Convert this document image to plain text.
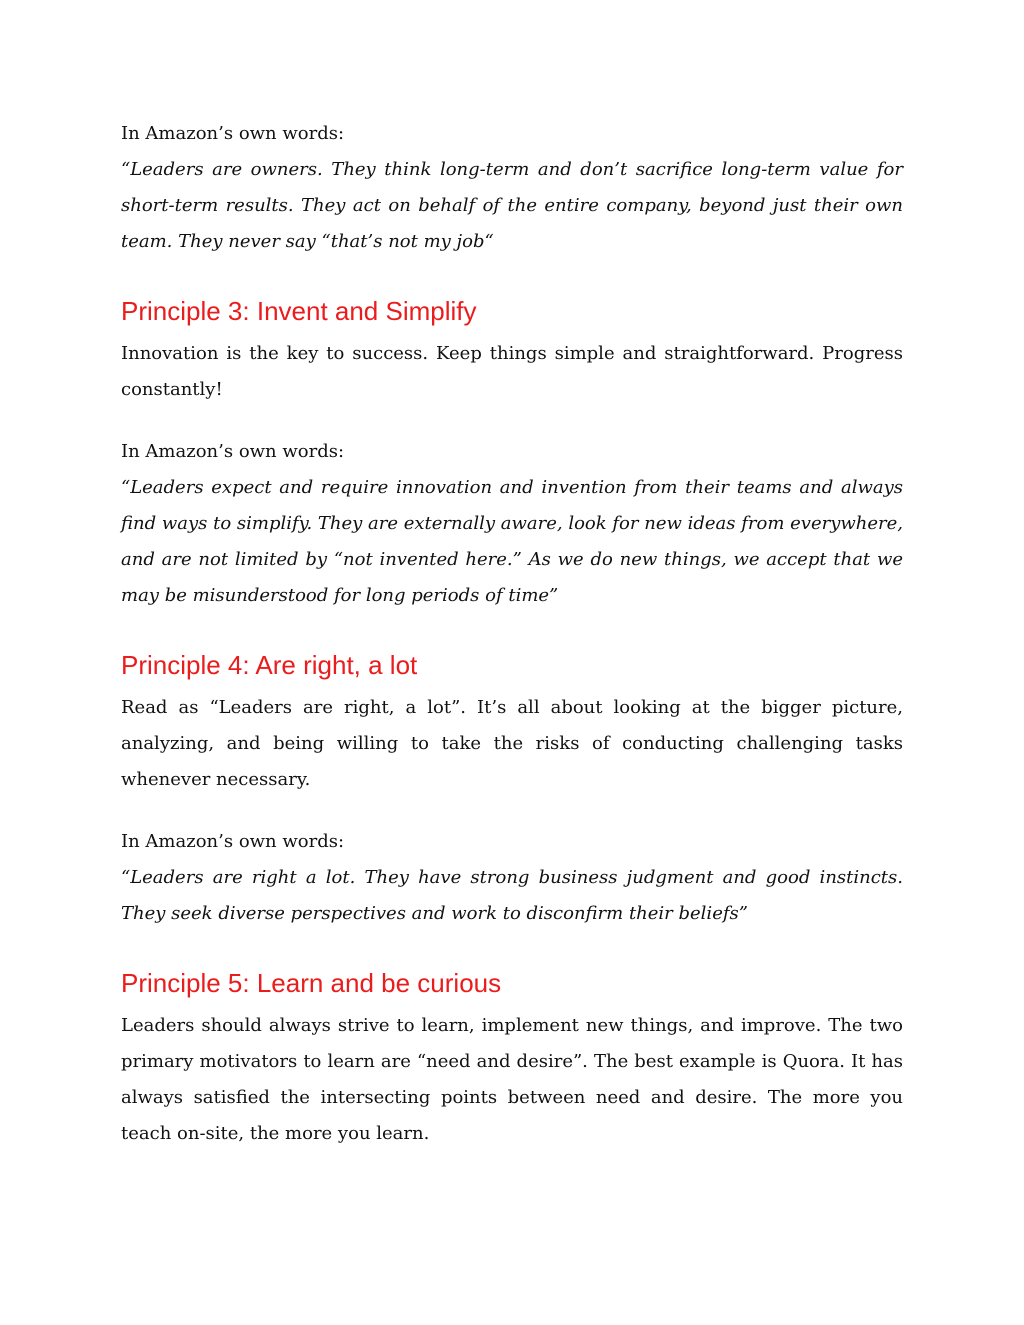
In Amazon’s own words:

“Leaders are owners. They think long-term and don’t sacrifice long-term value for short-term results. They act on behalf of the entire company, beyond just their own team. They never say “that’s not my job“

Principle 3: Invent and Simplify

Innovation is the key to success. Keep things simple and straightforward. Progress constantly!

In Amazon’s own words:

“Leaders expect and require innovation and invention from their teams and always find ways to simplify. They are externally aware, look for new ideas from everywhere, and are not limited by “not invented here.” As we do new things, we accept that we may be misunderstood for long periods of time”

Principle 4: Are right, a lot

Read as “Leaders are right, a lot”. It’s all about looking at the bigger picture, analyzing, and being willing to take the risks of conducting challenging tasks whenever necessary.

In Amazon’s own words:

“Leaders are right a lot. They have strong business judgment and good instincts. They seek diverse perspectives and work to disconfirm their beliefs”

Principle 5: Learn and be curious

Leaders should always strive to learn, implement new things, and improve. The two primary motivators to learn are “need and desire”. The best example is Quora. It has always satisfied the intersecting points between need and desire. The more you teach on-site, the more you learn.
